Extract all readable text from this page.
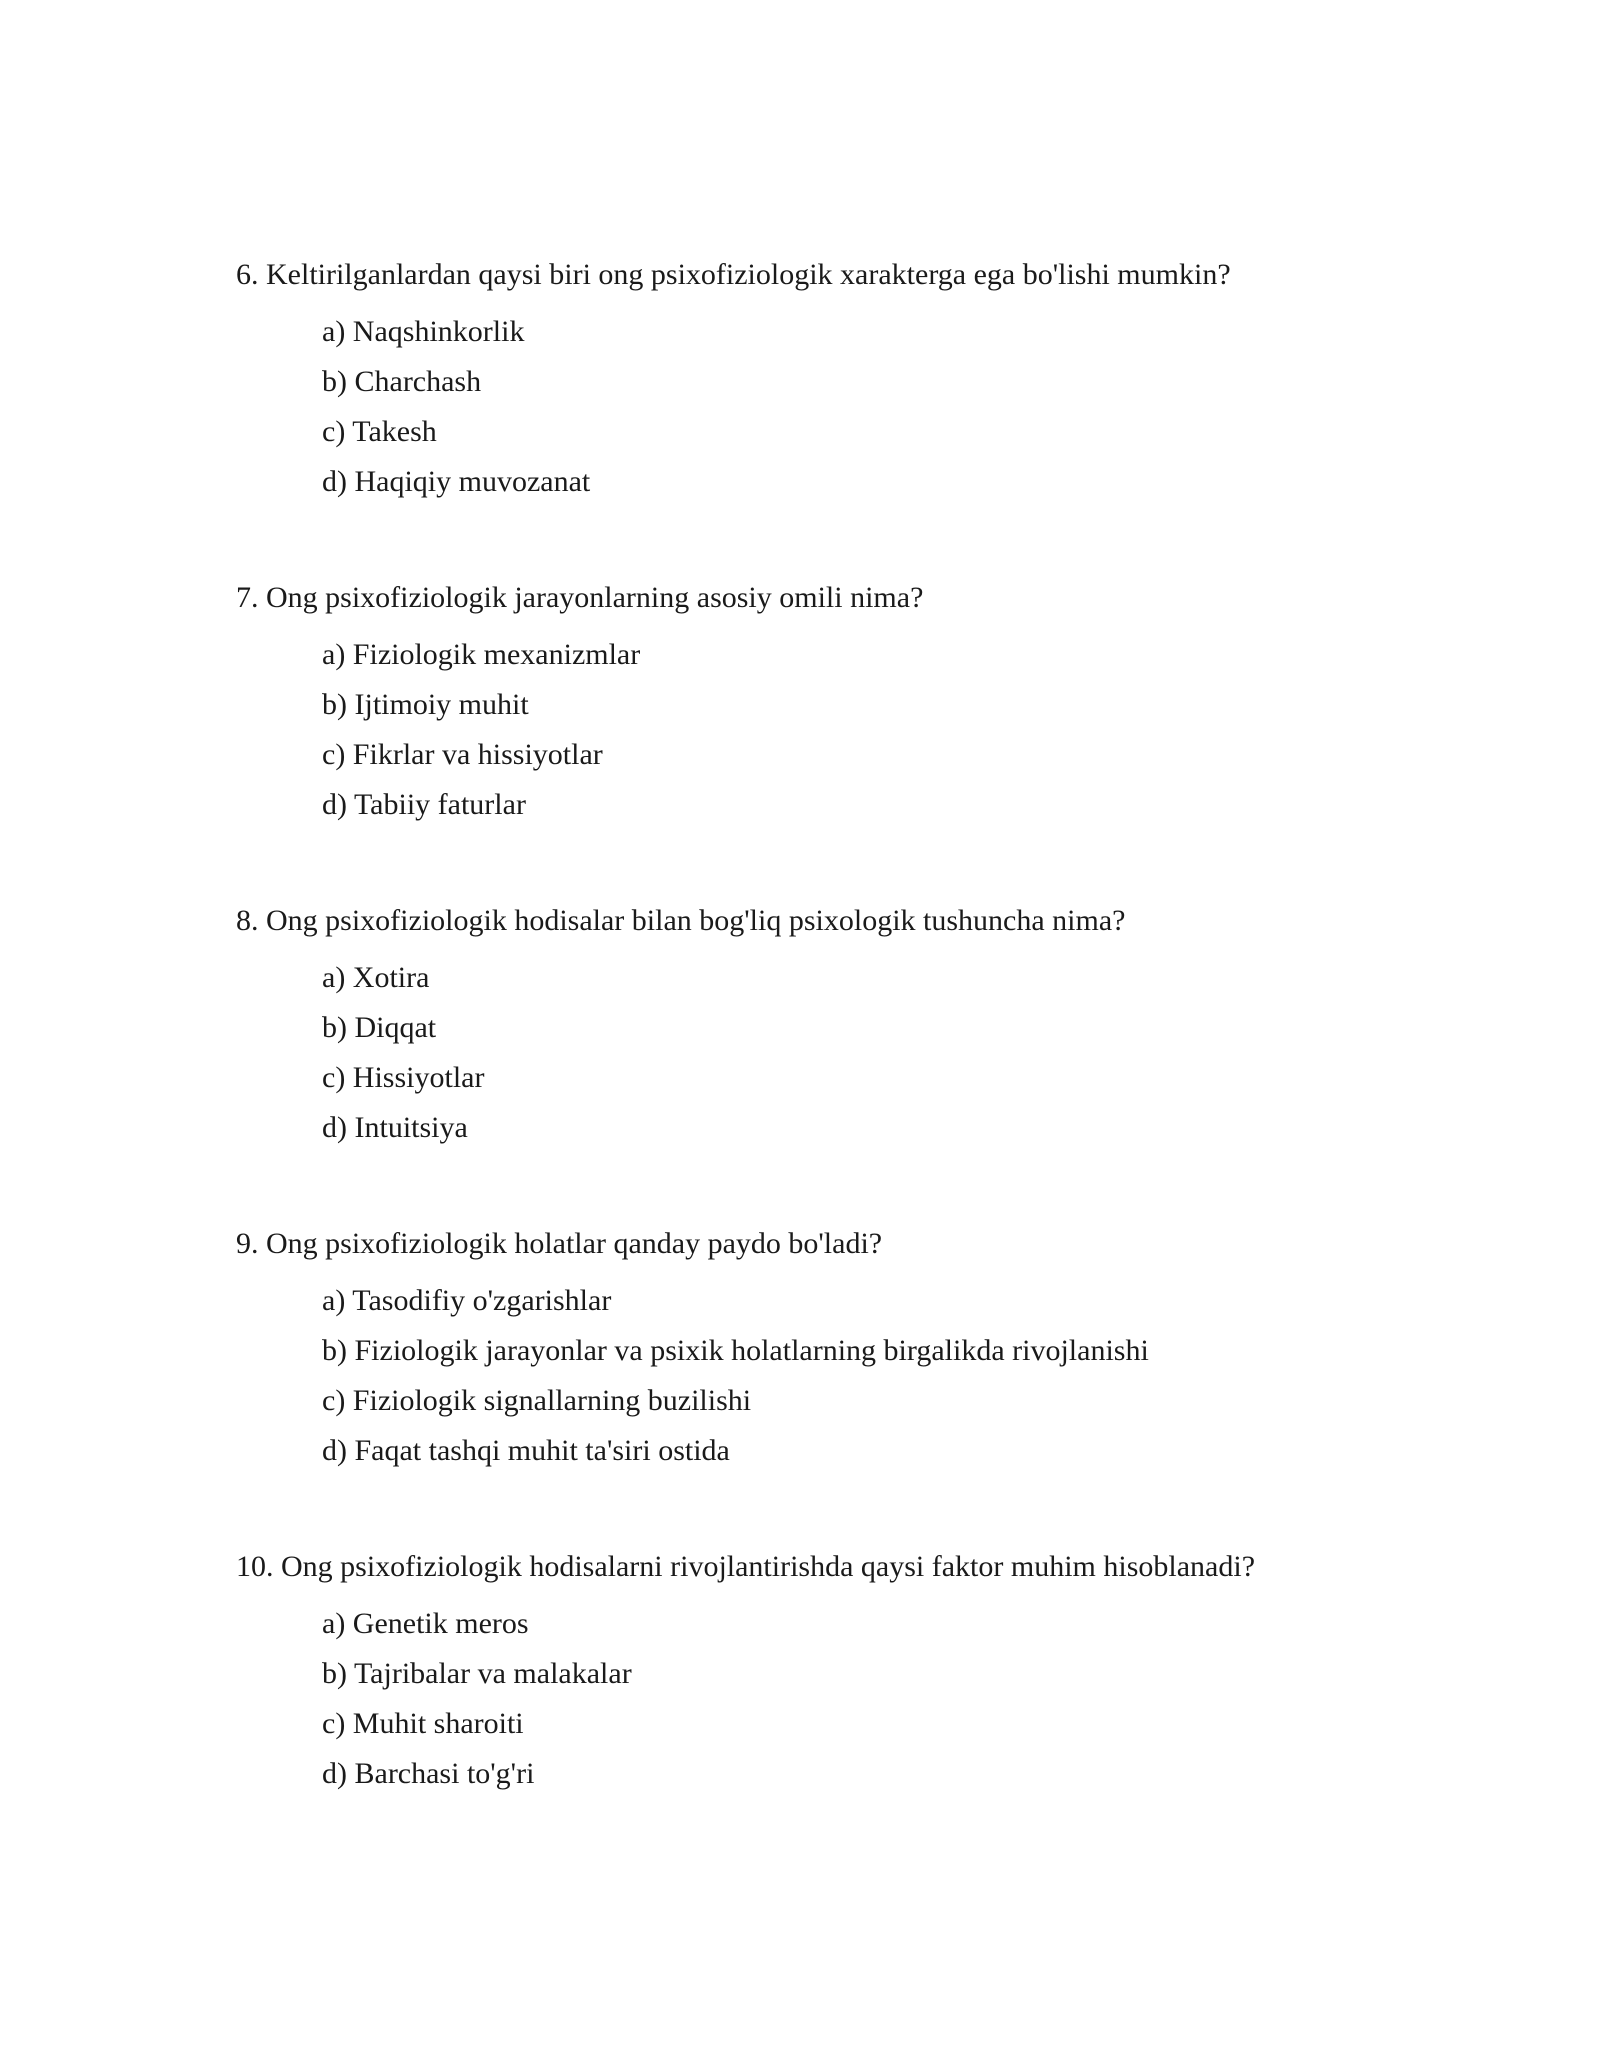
6. Keltirilganlardan qaysi biri ong psixofiziologik xarakterga ega bo'lishi mumkin?

a) Naqshinkorlik
b) Charchash
c) Takesh
d) Haqiqiy muvozanat

7. Ong psixofiziologik jarayonlarning asosiy omili nima?

a) Fiziologik mexanizmlar
b) Ijtimoiy muhit
c) Fikrlar va hissiyotlar
d) Tabiiy faturlar

8. Ong psixofiziologik hodisalar bilan bog'liq psixologik tushuncha nima?

a) Xotira
b) Diqqat
c) Hissiyotlar
d) Intuitsiya

9. Ong psixofiziologik holatlar qanday paydo bo'ladi?

a) Tasodifiy o'zgarishlar
b) Fiziologik jarayonlar va psixik holatlarning birgalikda rivojlanishi
c) Fiziologik signallarning buzilishi
d) Faqat tashqi muhit ta'siri ostida

10. Ong psixofiziologik hodisalarni rivojlantirishda qaysi faktor muhim hisoblanadi?

a) Genetik meros
b) Tajribalar va malakalar
c) Muhit sharoiti
d) Barchasi to'g'ri
